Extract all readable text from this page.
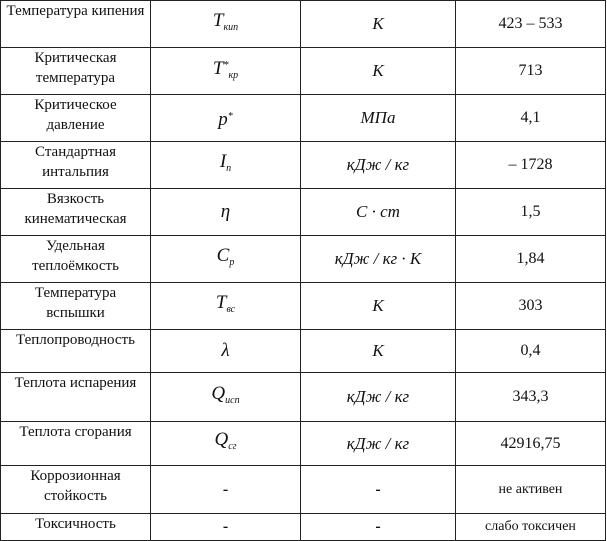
Температура кипения	$T_{кип}$	К	423 – 533
Критическая температура	$T^*_{кр}$	К	713
Критическое давление	p*	МПа	4,1
Стандартная интальпия	$I_n$	кДж / кг	– 1728
Вязкость кинематическая	η	С · ст	1,5
Удельная теплоёмкость	$C_p$	кДж / кг · К	1,84
Температура вспышки	$T_{вс}$	К	303
Теплопроводность	λ	К	0,4
Теплота испарения	$Q_{исп}$	кДж / кг	343,3
Теплота сгорания	$Q_{сг}$	кДж / кг	42916,75
Коррозионная стойкость	-	-	не активен
Токсичность	-	-	слабо токсичен
